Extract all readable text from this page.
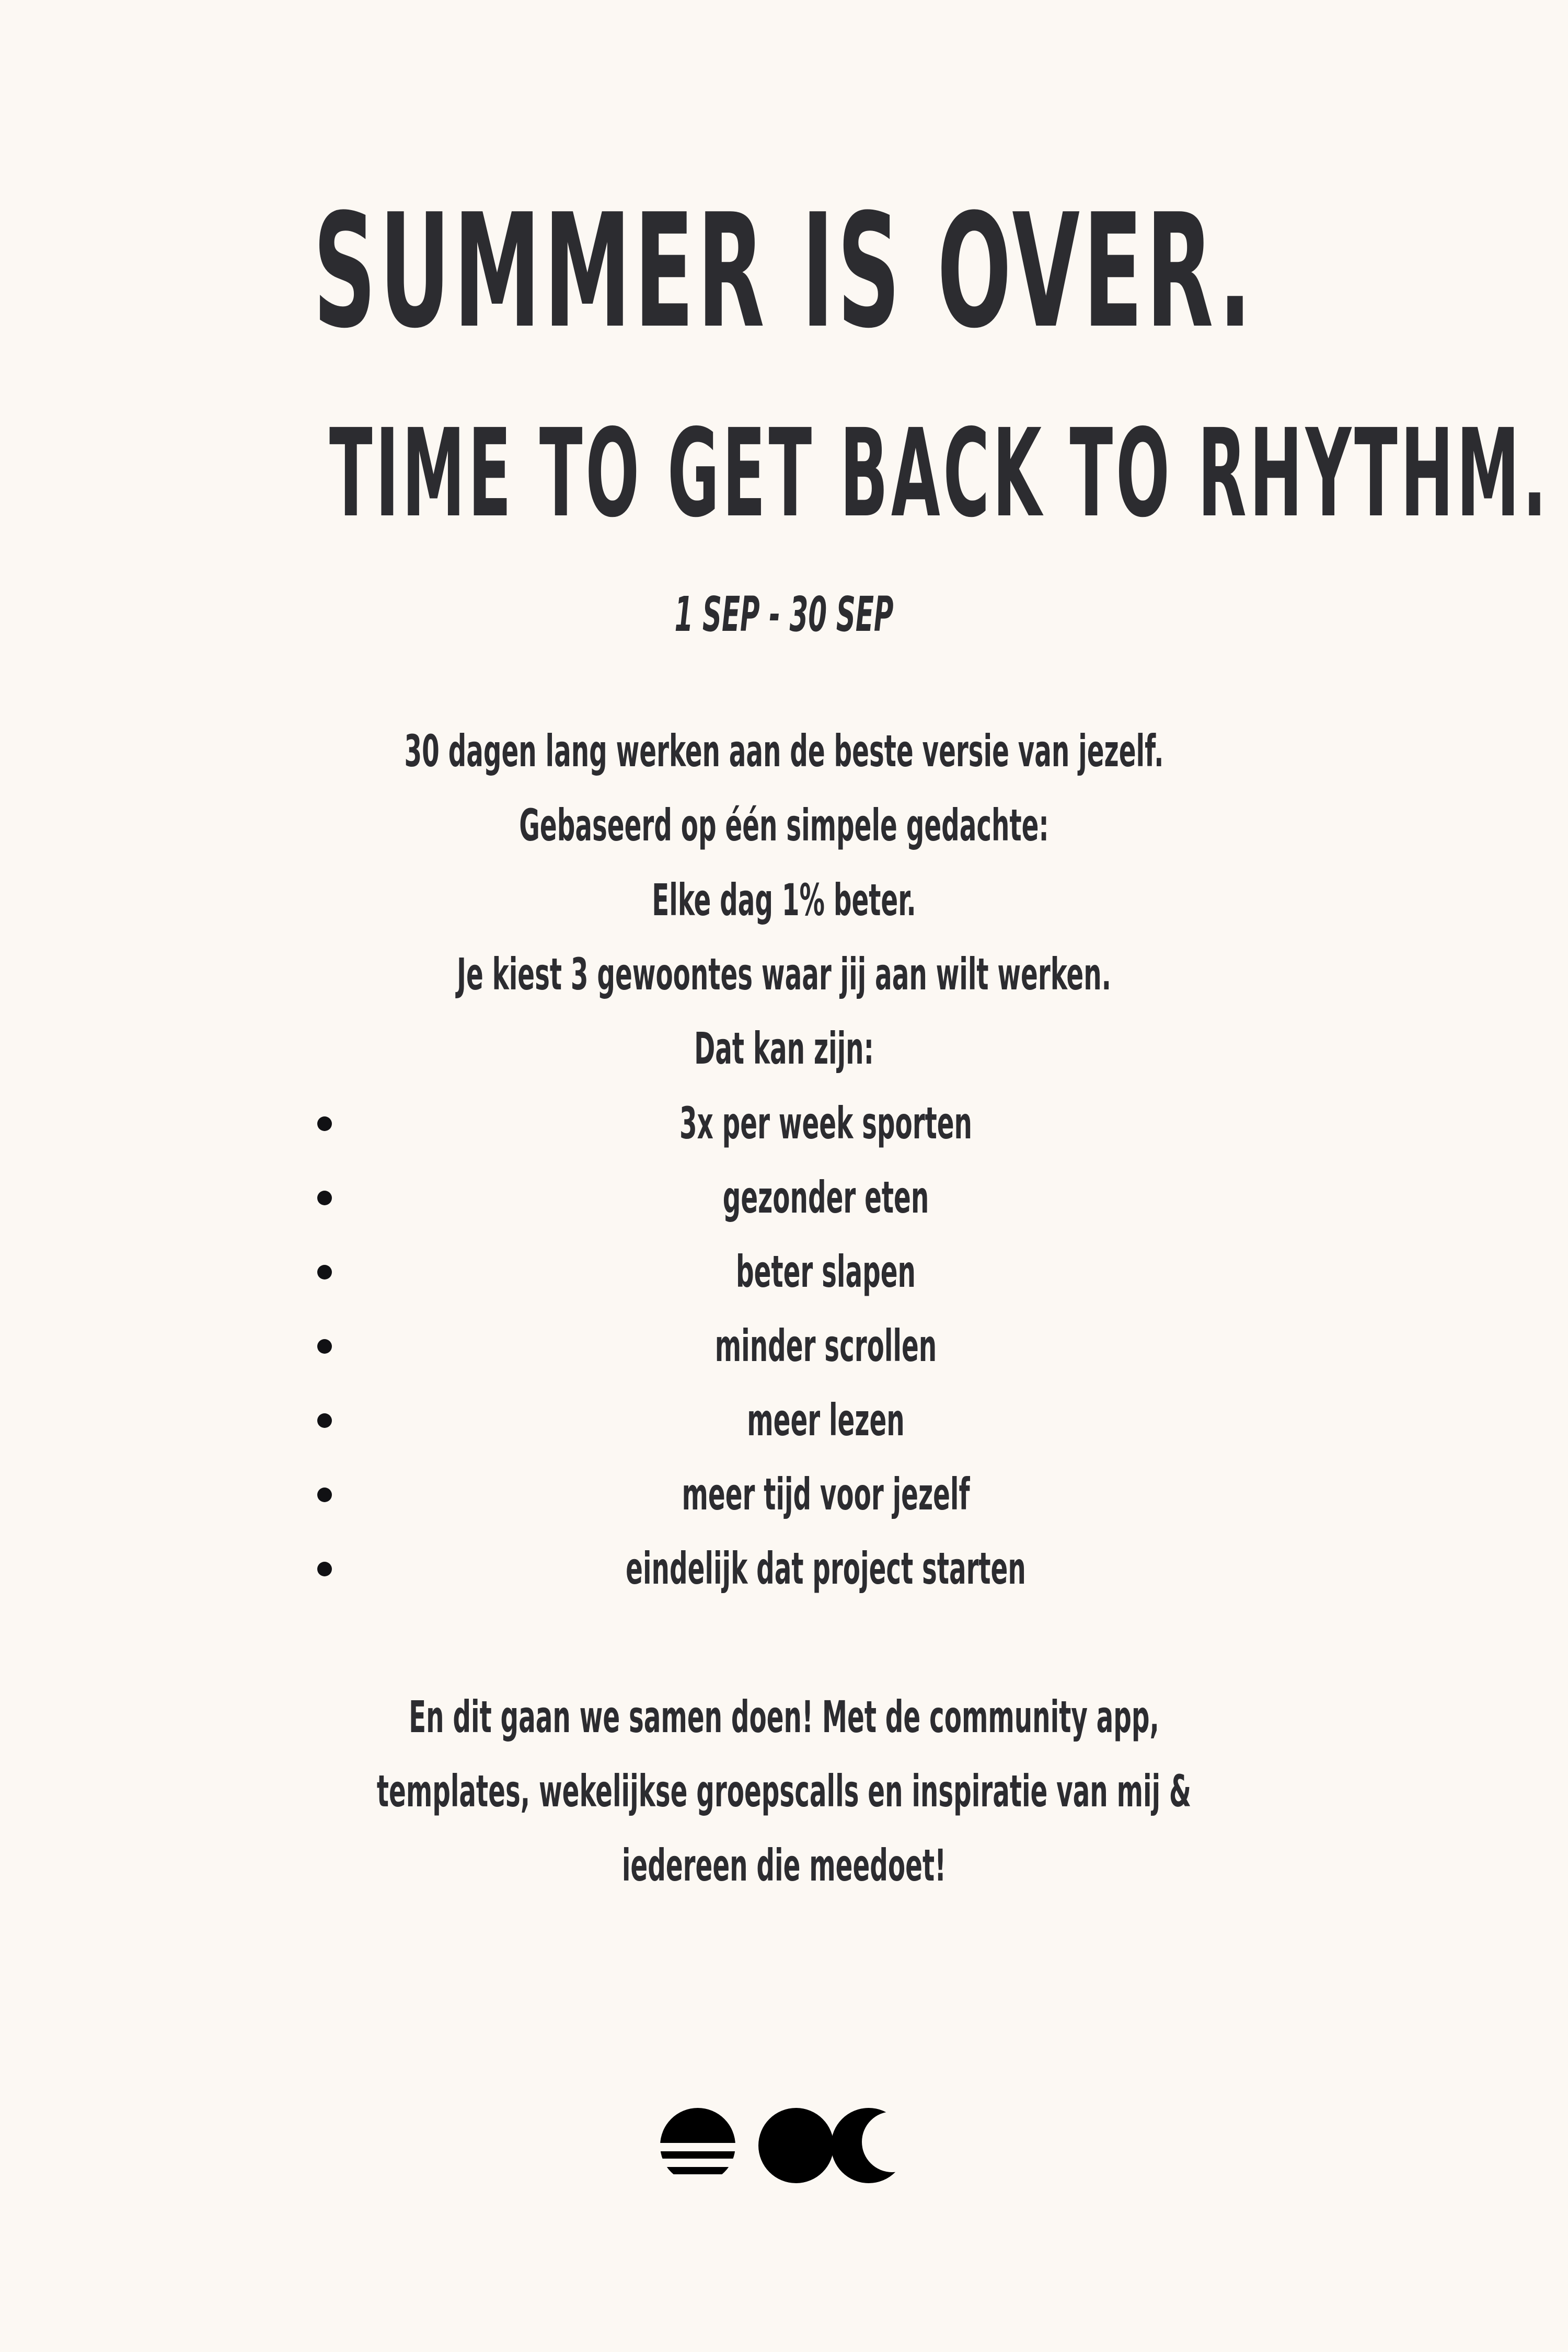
SUMMER IS OVER.
TIME TO GET BACK TO RHYTHM.
1 SEP - 30 SEP
30 dagen lang werken aan de beste versie van jezelf.
Gebaseerd op één simpele gedachte:
Elke dag 1% beter.
Je kiest 3 gewoontes waar jij aan wilt werken.
Dat kan zijn:
3x per week sporten
gezonder eten
beter slapen
minder scrollen
meer lezen
meer tijd voor jezelf
eindelijk dat project starten
En dit gaan we samen doen! Met de community app,
templates, wekelijkse groepscalls en inspiratie van mij &
iedereen die meedoet!
